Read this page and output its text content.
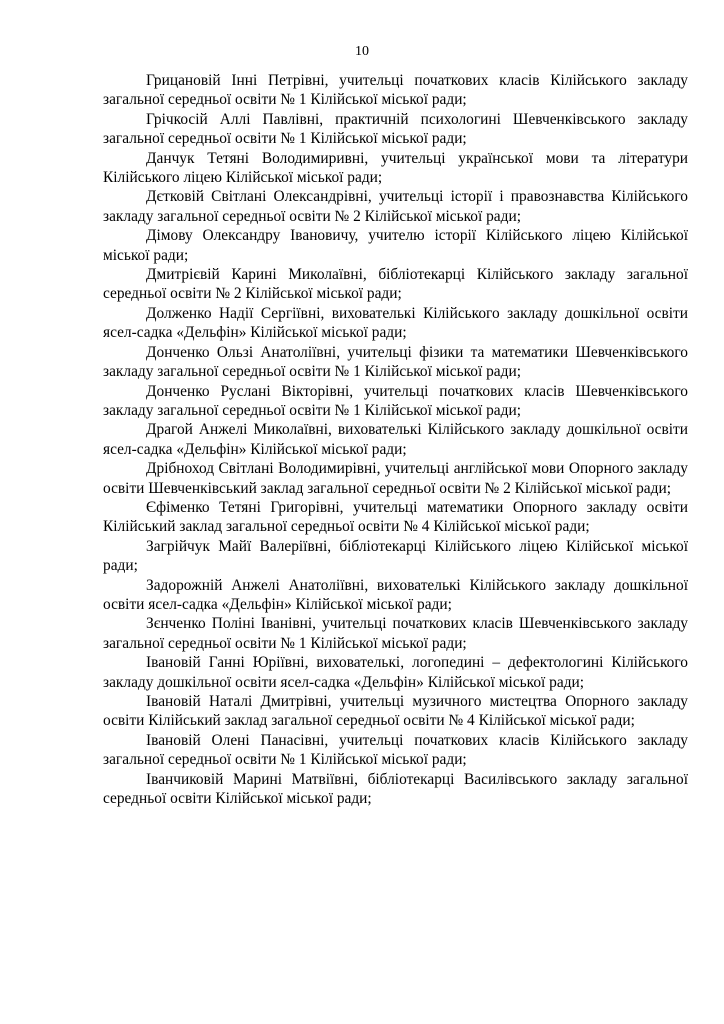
10

Грицановій Інні Петрівні, учительці початкових класів Кілійського закладу загальної середньої освіти № 1 Кілійської міської ради;

Грічкосій Аллі Павлівні, практичній психологині Шевченківського закладу загальної середньої освіти № 1 Кілійської міської ради;

Данчук Тетяні Володимиривні, учительці української мови та літератури Кілійського ліцею Кілійської міської ради;

Дєтковій Світлані Олександрівні, учительці історії і правознавства Кілійського закладу загальної середньої освіти № 2 Кілійської міської ради;

Дімову Олександру Івановичу, учителю історії Кілійського ліцею Кілійської міської ради;

Дмитрієвій Карині Миколаївні, бібліотекарці Кілійського закладу загальної середньої освіти № 2 Кілійської міської ради;

Долженко Надії Сергіївні, вихователькі Кілійського закладу дошкільної освіти ясел-садка «Дельфін» Кілійської міської ради;

Донченко Ользі Анатоліївні, учительці фізики та математики Шевченківського закладу загальної середньої освіти № 1 Кілійської міської ради;

Донченко Руслані Вікторівні, учительці початкових класів Шевченківського закладу загальної середньої освіти № 1 Кілійської міської ради;

Драгой Анжелі Миколаївні, вихователькі Кілійського закладу дошкільної освіти ясел-садка «Дельфін» Кілійської міської ради;

Дрібноход Світлані Володимирівні, учительці англійської мови Опорного закладу освіти Шевченківський заклад загальної середньої освіти № 2 Кілійської міської ради;

Єфіменко Тетяні Григорівні, учительці математики Опорного закладу освіти Кілійський заклад загальної середньої освіти № 4 Кілійської міської ради;

Загрійчук Майї Валеріївні, бібліотекарці Кілійського ліцею Кілійської міської ради;

Задорожній Анжелі Анатоліївні, вихователькі Кілійського закладу дошкільної освіти ясел-садка «Дельфін» Кілійської міської ради;

Зєнченко Поліні Іванівні, учительці початкових класів Шевченківського закладу загальної середньої освіти № 1 Кілійської міської ради;

Івановій Ганні Юріївні, вихователькі, логопедині – дефектологині Кілійського закладу дошкільної освіти ясел-садка «Дельфін» Кілійської міської ради;

Івановій Наталі Дмитрівні, учительці музичного мистецтва Опорного закладу освіти Кілійський заклад загальної середньої освіти № 4 Кілійської міської ради;

Івановій Олені Панасівні, учительці початкових класів Кілійського закладу загальної середньої освіти № 1 Кілійської міської ради;

Іванчиковій Марині Матвіївні, бібліотекарці Василівського закладу загальної середньої освіти Кілійської міської ради;
